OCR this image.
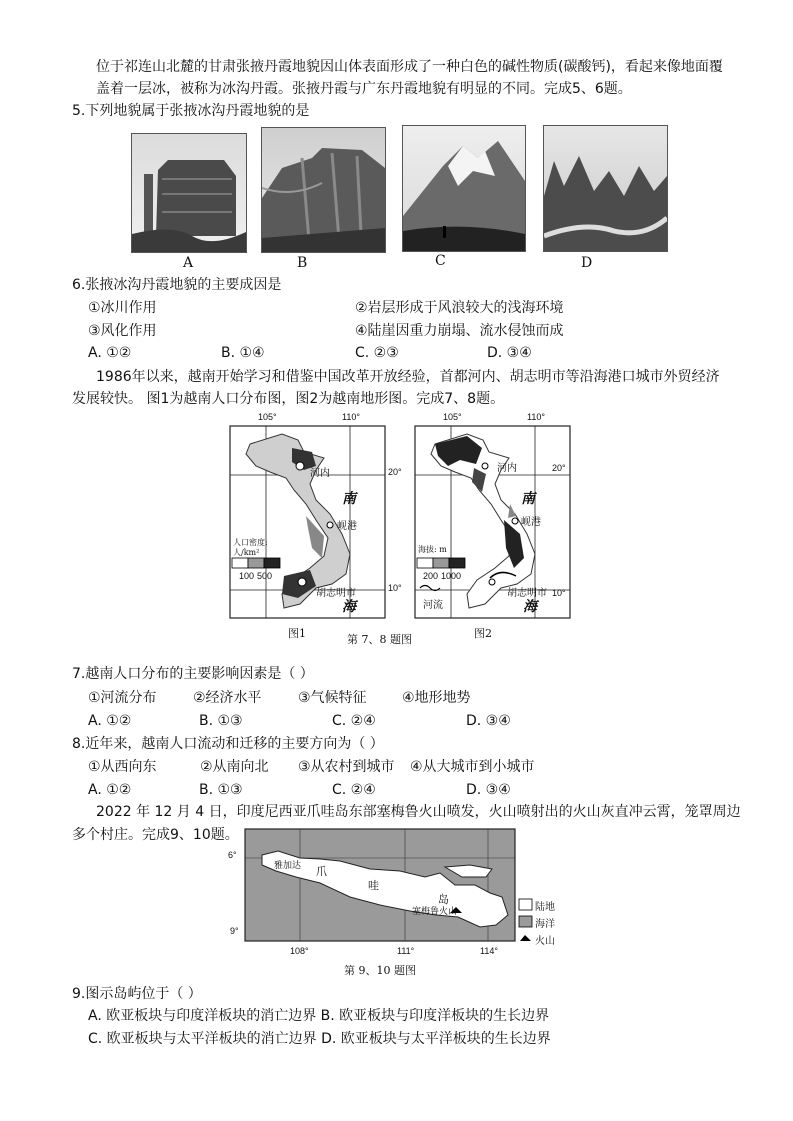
位于祁连山北麓的甘肃张掖丹霞地貌因山体表面形成了一种白色的碱性物质(碳酸钙)，看起来像地面覆
盖着一层冰，被称为冰沟丹霞。张掖丹霞与广东丹霞地貌有明显的不同。完成5、6题。
5.下列地貌属于张掖冰沟丹霞地貌的是
A	B	C	D
6.张掖冰沟丹霞地貌的主要成因是
①冰川作用	②岩层形成于风浪较大的浅海环境
③风化作用	④陆崖因重力崩塌、流水侵蚀而成
A. ①②	B. ①④	C. ②③	D. ③④
1986年以来，越南开始学习和借鉴中国改革开放经验，首都河内、胡志明市等沿海港口城市外贸经济
发展较快。 图1为越南人口分布图，图2为越南地形图。完成7、8题。
105°	110°
20°
10°
河内
岘港
胡志明市
南
海
人口密度:
人/km²
100 500
图1
105°	110°
20°
10°
河内
岘港
胡志明市
南
海
海拔: m
200 1000
河流
图2
第 7、8 题图
7.越南人口分布的主要影响因素是（ ）
①河流分布	②经济水平	③气候特征	④地形地势
A. ①②	B. ①③	C. ②④	D. ③④
8.近年来，越南人口流动和迁移的主要方向为（ ）
①从西向东	②从南向北 ③从农村到城市 ④从大城市到小城市
A. ①②	B. ①③	C. ②④	D. ③④
2022 年 12 月 4 日，印度尼西亚爪哇岛东部塞梅鲁火山喷发，火山喷射出的火山灰直冲云霄，笼罩周边
多个村庄。完成9、10题。
6°
9°
108°	111°	114°
雅加达 爪
哇
岛
塞梅鲁火山	陆地
海洋
火山
第 9、10 题图
9.图示岛屿位于（ ）
A. 欧亚板块与印度洋板块的消亡边界 B. 欧亚板块与印度洋板块的生长边界
C. 欧亚板块与太平洋板块的消亡边界 D. 欧亚板块与太平洋板块的生长边界
